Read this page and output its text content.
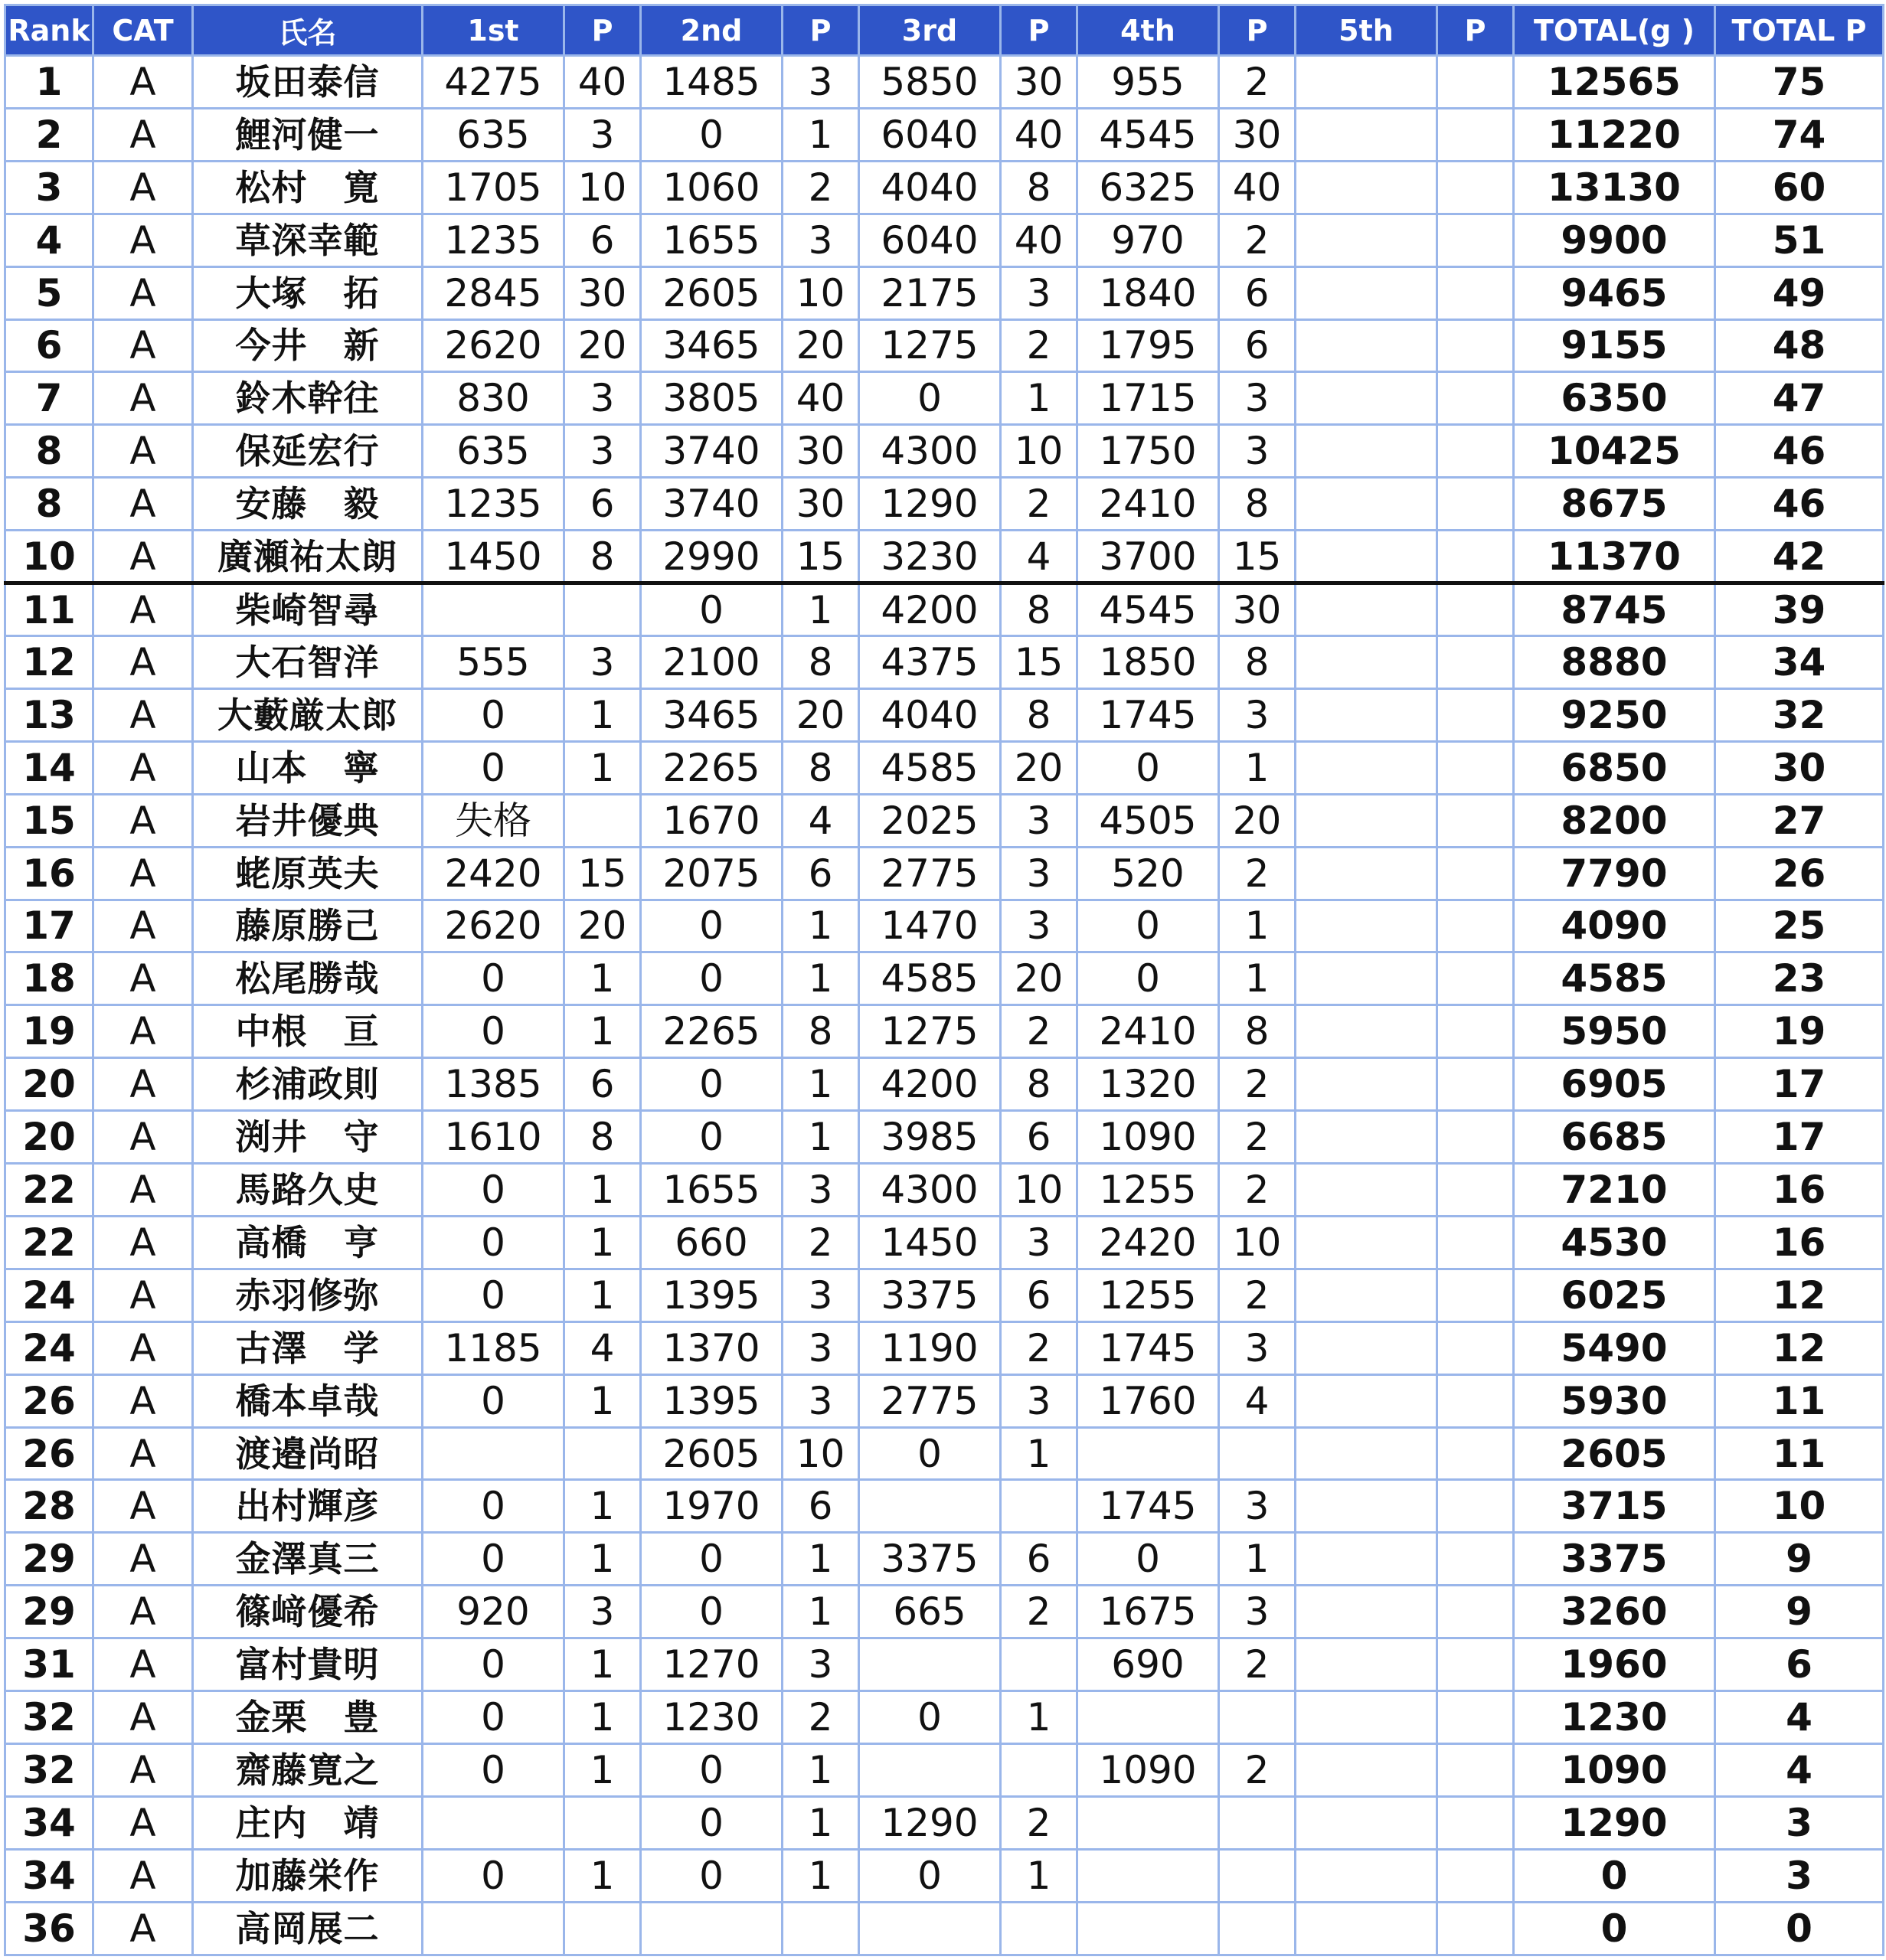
Rank	CAT	氏名	1st	P	2nd	P	3rd	P	4th	P	5th	P	TOTAL(g )	TOTAL P
1	A	坂田泰信	4275	40	1485	3	5850	30	955	2			12565	75
2	A	鯉河健一	635	3	0	1	6040	40	4545	30			11220	74
3	A	松村　寛	1705	10	1060	2	4040	8	6325	40			13130	60
4	A	草深幸範	1235	6	1655	3	6040	40	970	2			9900	51
5	A	大塚　拓	2845	30	2605	10	2175	3	1840	6			9465	49
6	A	今井　新	2620	20	3465	20	1275	2	1795	6			9155	48
7	A	鈴木幹往	830	3	3805	40	0	1	1715	3			6350	47
8	A	保延宏行	635	3	3740	30	4300	10	1750	3			10425	46
8	A	安藤　毅	1235	6	3740	30	1290	2	2410	8			8675	46
10	A	廣瀬祐太朗	1450	8	2990	15	3230	4	3700	15			11370	42
11	A	柴崎智尋			0	1	4200	8	4545	30			8745	39
12	A	大石智洋	555	3	2100	8	4375	15	1850	8			8880	34
13	A	大藪厳太郎	0	1	3465	20	4040	8	1745	3			9250	32
14	A	山本　寧	0	1	2265	8	4585	20	0	1			6850	30
15	A	岩井優典	失格		1670	4	2025	3	4505	20			8200	27
16	A	蛯原英夫	2420	15	2075	6	2775	3	520	2			7790	26
17	A	藤原勝己	2620	20	0	1	1470	3	0	1			4090	25
18	A	松尾勝哉	0	1	0	1	4585	20	0	1			4585	23
19	A	中根　亘	0	1	2265	8	1275	2	2410	8			5950	19
20	A	杉浦政則	1385	6	0	1	4200	8	1320	2			6905	17
20	A	渕井　守	1610	8	0	1	3985	6	1090	2			6685	17
22	A	馬路久史	0	1	1655	3	4300	10	1255	2			7210	16
22	A	高橋　亨	0	1	660	2	1450	3	2420	10			4530	16
24	A	赤羽修弥	0	1	1395	3	3375	6	1255	2			6025	12
24	A	古澤　学	1185	4	1370	3	1190	2	1745	3			5490	12
26	A	橋本卓哉	0	1	1395	3	2775	3	1760	4			5930	11
26	A	渡邉尚昭			2605	10	0	1					2605	11
28	A	出村輝彦	0	1	1970	6			1745	3			3715	10
29	A	金澤真三	0	1	0	1	3375	6	0	1			3375	9
29	A	篠﨑優希	920	3	0	1	665	2	1675	3			3260	9
31	A	富村貴明	0	1	1270	3			690	2			1960	6
32	A	金栗　豊	0	1	1230	2	0	1					1230	4
32	A	齋藤寛之	0	1	0	1			1090	2			1090	4
34	A	庄内　靖			0	1	1290	2					1290	3
34	A	加藤栄作	0	1	0	1	0	1					0	3
36	A	高岡展二											0	0
